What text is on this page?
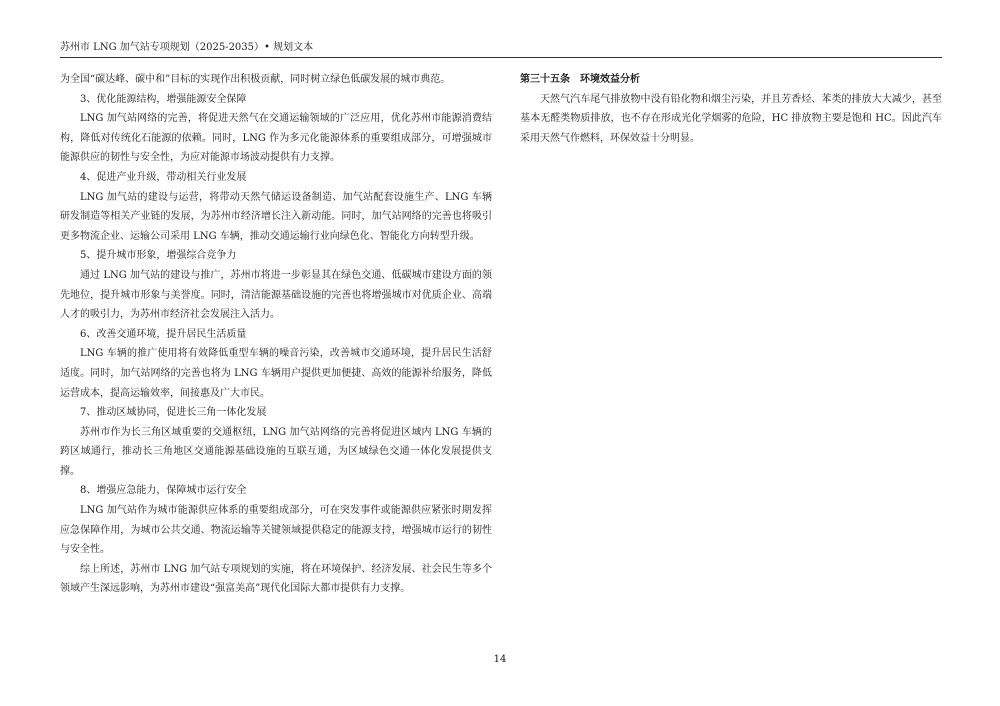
苏州市 LNG 加气站专项规划（2025-2035）• 规划文本

为全国“碳达峰、碳中和”目标的实现作出积极贡献，同时树立绿色低碳发展的城市典范。

3、优化能源结构，增强能源安全保障

LNG 加气站网络的完善，将促进天然气在交通运输领域的广泛应用，优化苏州市能源消费结构，降低对传统化石能源的依赖。同时，LNG 作为多元化能源体系的重要组成部分，可增强城市能源供应的韧性与安全性，为应对能源市场波动提供有力支撑。

4、促进产业升级，带动相关行业发展

LNG 加气站的建设与运营，将带动天然气储运设备制造、加气站配套设施生产、LNG 车辆研发制造等相关产业链的发展，为苏州市经济增长注入新动能。同时，加气站网络的完善也将吸引更多物流企业、运输公司采用 LNG 车辆，推动交通运输行业向绿色化、智能化方向转型升级。

5、提升城市形象，增强综合竞争力

通过 LNG 加气站的建设与推广，苏州市将进一步彰显其在绿色交通、低碳城市建设方面的领先地位，提升城市形象与美誉度。同时，清洁能源基础设施的完善也将增强城市对优质企业、高端人才的吸引力，为苏州市经济社会发展注入活力。

6、改善交通环境，提升居民生活质量

LNG 车辆的推广使用将有效降低重型车辆的噪音污染，改善城市交通环境，提升居民生活舒适度。同时，加气站网络的完善也将为 LNG 车辆用户提供更加便捷、高效的能源补给服务，降低运营成本，提高运输效率，间接惠及广大市民。

7、推动区域协同，促进长三角一体化发展

苏州市作为长三角区域重要的交通枢纽，LNG 加气站网络的完善将促进区域内 LNG 车辆的跨区域通行，推动长三角地区交通能源基础设施的互联互通，为区域绿色交通一体化发展提供支撑。

8、增强应急能力，保障城市运行安全

LNG 加气站作为城市能源供应体系的重要组成部分，可在突发事件或能源供应紧张时期发挥应急保障作用，为城市公共交通、物流运输等关键领域提供稳定的能源支持，增强城市运行的韧性与安全性。

综上所述，苏州市 LNG 加气站专项规划的实施，将在环境保护、经济发展、社会民生等多个领域产生深远影响，为苏州市建设“强富美高”现代化国际大都市提供有力支撑。

第三十五条　环境效益分析

天然气汽车尾气排放物中没有铅化物和烟尘污染，并且芳香烃、苯类的排放大大减少，甚至基本无醛类物质排放，也不存在形成光化学烟雾的危险，HC 排放物主要是饱和 HC。因此汽车采用天然气作燃料，环保效益十分明显。

14
